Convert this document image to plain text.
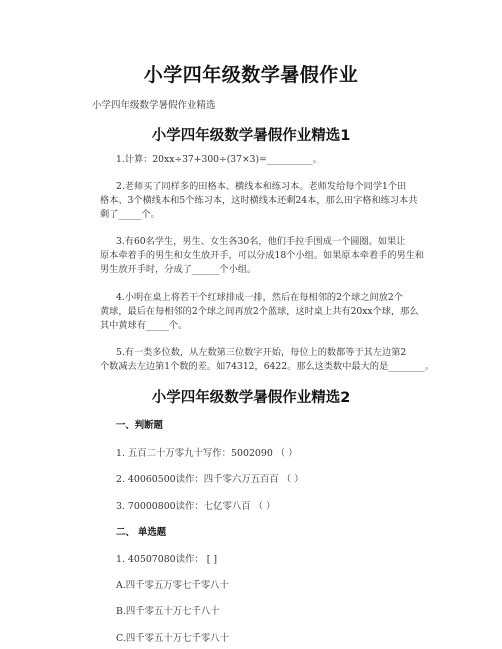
小学四年级数学暑假作业
小学四年级数学暑假作业精选
小学四年级数学暑假作业精选1
1.计算：20xx÷37+300÷(37×3)=__________。
2.老师买了同样多的田格本、横线本和练习本。老师发给每个同学1个田
格本、3个横线本和5个练习本，这时横线本还剩24本，那么田字格和练习本共
剩了_____个。
3.有60名学生，男生、女生各30名，他们手拉手围成一个圆圈。如果让
原本牵着手的男生和女生放开手，可以分成18个小组。如果原本牵着手的男生和
男生放开手时，分成了______个小组。
4.小明在桌上将若干个红球排成一排，然后在每相邻的2个球之间放2个
黄球，最后在每相邻的2个球之间再放2个蓝球，这时桌上共有20xx个球，那么
其中黄球有_____个。
5.有一类多位数，从左数第三位数字开始，每位上的数都等于其左边第2
个数减去左边第1个数的差。如74312，6422。那么这类数中最大的是________。
小学四年级数学暑假作业精选2
一、判断题
1. 五百二十万零九十写作：5002090 （ ）
2. 40060500读作：四千零六万五百百 （ ）
3. 70000800读作：七亿零八百 （ ）
二、 单选题
1. 40507080读作： [ ]
A.四千零五万零七千零八十
B.四千零五十万七千八十
C.四千零五十万七千零八十
